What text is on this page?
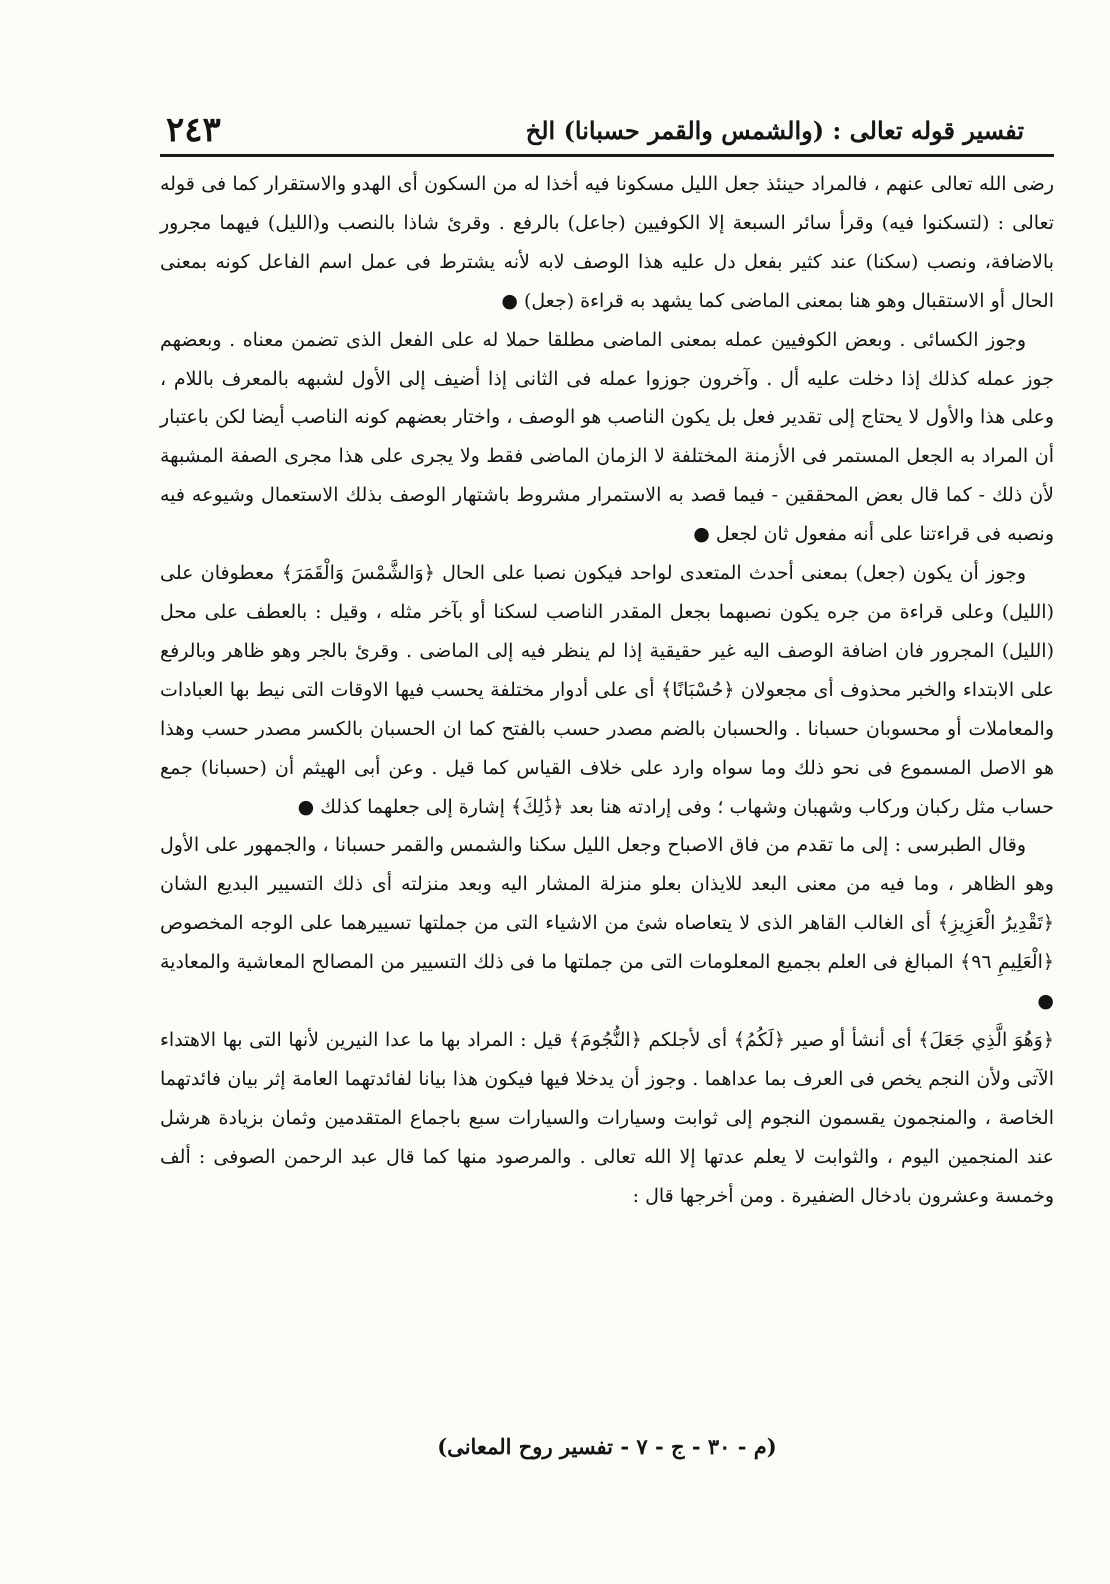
تفسير قوله تعالى : (والشمس والقمر حسبانا) الخ
٢٤٣

رضى الله تعالى عنهم ، فالمراد حينئذ جعل الليل مسكونا فيه أخذا له من السكون أى الهدو والاستقرار كما فى قوله تعالى : (لتسكنوا فيه) وقرأ سائر السبعة إلا الكوفيين (جاعل) بالرفع . وقرئ شاذا بالنصب و(الليل) فيهما مجرور بالاضافة، ونصب (سكنا) عند كثير بفعل دل عليه هذا الوصف لابه لأنه يشترط فى عمل اسم الفاعل كونه بمعنى الحال أو الاستقبال وهو هنا بمعنى الماضى كما يشهد به قراءة (جعل) ●

وجوز الكسائى . وبعض الكوفيين عمله بمعنى الماضى مطلقا حملا له على الفعل الذى تضمن معناه . وبعضهم جوز عمله كذلك إذا دخلت عليه أل . وآخرون جوزوا عمله فى الثانى إذا أضيف إلى الأول لشبهه بالمعرف باللام ، وعلى هذا والأول لا يحتاج إلى تقدير فعل بل يكون الناصب هو الوصف ، واختار بعضهم كونه الناصب أيضا لكن باعتبار أن المراد به الجعل المستمر فى الأزمنة المختلفة لا الزمان الماضى فقط ولا يجرى على هذا مجرى الصفة المشبهة لأن ذلك - كما قال بعض المحققين - فيما قصد به الاستمرار مشروط باشتهار الوصف بذلك الاستعمال وشيوعه فيه ونصبه فى قراءتنا على أنه مفعول ثان لجعل ●

وجوز أن يكون (جعل) بمعنى أحدث المتعدى لواحد فيكون نصبا على الحال ﴿وَالشَّمْسَ وَالْقَمَرَ﴾ معطوفان على (الليل) وعلى قراءة من جره يكون نصبهما بجعل المقدر الناصب لسكنا أو بآخر مثله ، وقيل : بالعطف على محل (الليل) المجرور فان اضافة الوصف اليه غير حقيقية إذا لم ينظر فيه إلى الماضى . وقرئ بالجر وهو ظاهر وبالرفع على الابتداء والخبر محذوف أى مجعولان ﴿حُسْبَانًا﴾ أى على أدوار مختلفة يحسب فيها الاوقات التى نيط بها العبادات والمعاملات أو محسوبان حسبانا . والحسبان بالضم مصدر حسب بالفتح كما ان الحسبان بالكسر مصدر حسب وهذا هو الاصل المسموع فى نحو ذلك وما سواه وارد على خلاف القياس كما قيل . وعن أبى الهيثم أن (حسبانا) جمع حساب مثل ركبان وركاب وشهبان وشهاب ؛ وفى إرادته هنا بعد ﴿ذَٰلِكَ﴾ إشارة إلى جعلهما كذلك ●

وقال الطبرسى : إلى ما تقدم من فاق الاصباح وجعل الليل سكنا والشمس والقمر حسبانا ، والجمهور على الأول وهو الظاهر ، وما فيه من معنى البعد للايذان بعلو منزلة المشار اليه وبعد منزلته أى ذلك التسيير البديع الشان ﴿تَقْدِيرُ الْعَزِيزِ﴾ أى الغالب القاهر الذى لا يتعاصاه شئ من الاشياء التى من جملتها تسييرهما على الوجه المخصوص ﴿الْعَلِيمِ ٩٦﴾ المبالغ فى العلم بجميع المعلومات التى من جملتها ما فى ذلك التسيير من المصالح المعاشية والمعادية ●

﴿وَهُوَ الَّذِي جَعَلَ﴾ أى أنشأ أو صير ﴿لَكُمُ﴾ أى لأجلكم ﴿النُّجُومَ﴾ قيل : المراد بها ما عدا النيرين لأنها التى بها الاهتداء الآتى ولأن النجم يخص فى العرف بما عداهما . وجوز أن يدخلا فيها فيكون هذا بيانا لفائدتهما العامة إثر بيان فائدتهما الخاصة ، والمنجمون يقسمون النجوم إلى ثوابت وسيارات والسيارات سبع باجماع المتقدمين وثمان بزيادة هرشل عند المنجمين اليوم ، والثوابت لا يعلم عدتها إلا الله تعالى . والمرصود منها كما قال عبد الرحمن الصوفى : ألف وخمسة وعشرون بادخال الضفيرة . ومن أخرجها قال :

(م - ٣٠ - ج - ٧ - تفسير روح المعانى)
